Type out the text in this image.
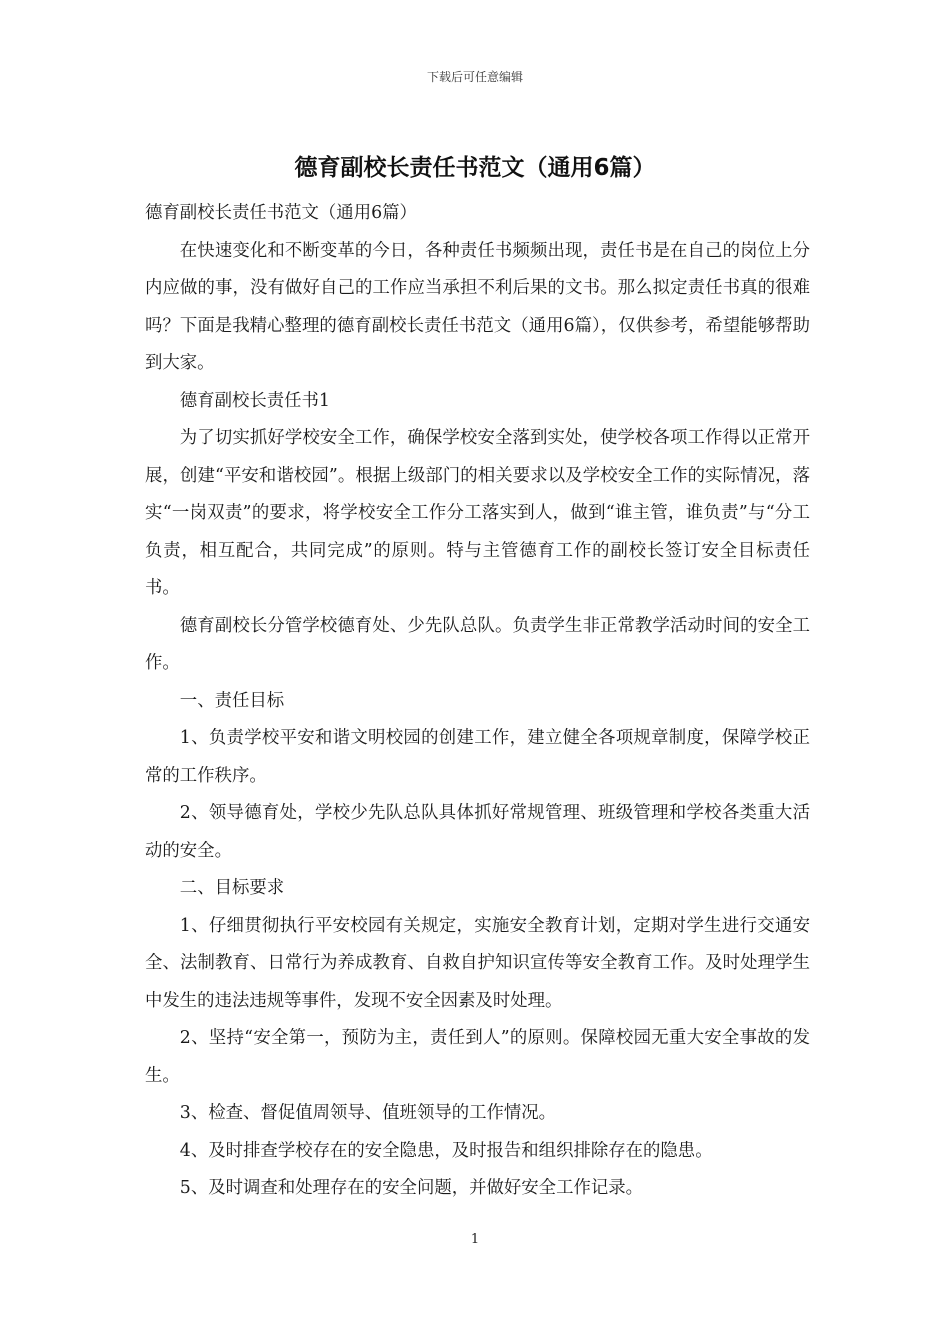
下载后可任意编辑
德育副校长责任书范文（通用6篇）

德育副校长责任书范文（通用6篇）

在快速变化和不断变革的今日，各种责任书频频出现，责任书是在自己的岗位上分内应做的事，没有做好自己的工作应当承担不利后果的文书。那么拟定责任书真的很难吗？下面是我精心整理的德育副校长责任书范文（通用6篇），仅供参考，希望能够帮助到大家。

德育副校长责任书1

为了切实抓好学校安全工作，确保学校安全落到实处，使学校各项工作得以正常开展，创建“平安和谐校园”。根据上级部门的相关要求以及学校安全工作的实际情况，落实“一岗双责”的要求，将学校安全工作分工落实到人，做到“谁主管，谁负责”与“分工负责，相互配合，共同完成”的原则。特与主管德育工作的副校长签订安全目标责任书。

德育副校长分管学校德育处、少先队总队。负责学生非正常教学活动时间的安全工作。

一、责任目标

1、负责学校平安和谐文明校园的创建工作，建立健全各项规章制度，保障学校正常的工作秩序。

2、领导德育处，学校少先队总队具体抓好常规管理、班级管理和学校各类重大活动的安全。

二、目标要求

1、仔细贯彻执行平安校园有关规定，实施安全教育计划，定期对学生进行交通安全、法制教育、日常行为养成教育、自救自护知识宣传等安全教育工作。及时处理学生中发生的违法违规等事件，发现不安全因素及时处理。

2、坚持“安全第一，预防为主，责任到人”的原则。保障校园无重大安全事故的发生。

3、检查、督促值周领导、值班领导的工作情况。

4、及时排查学校存在的安全隐患，及时报告和组织排除存在的隐患。

5、及时调查和处理存在的安全问题，并做好安全工作记录。

1
